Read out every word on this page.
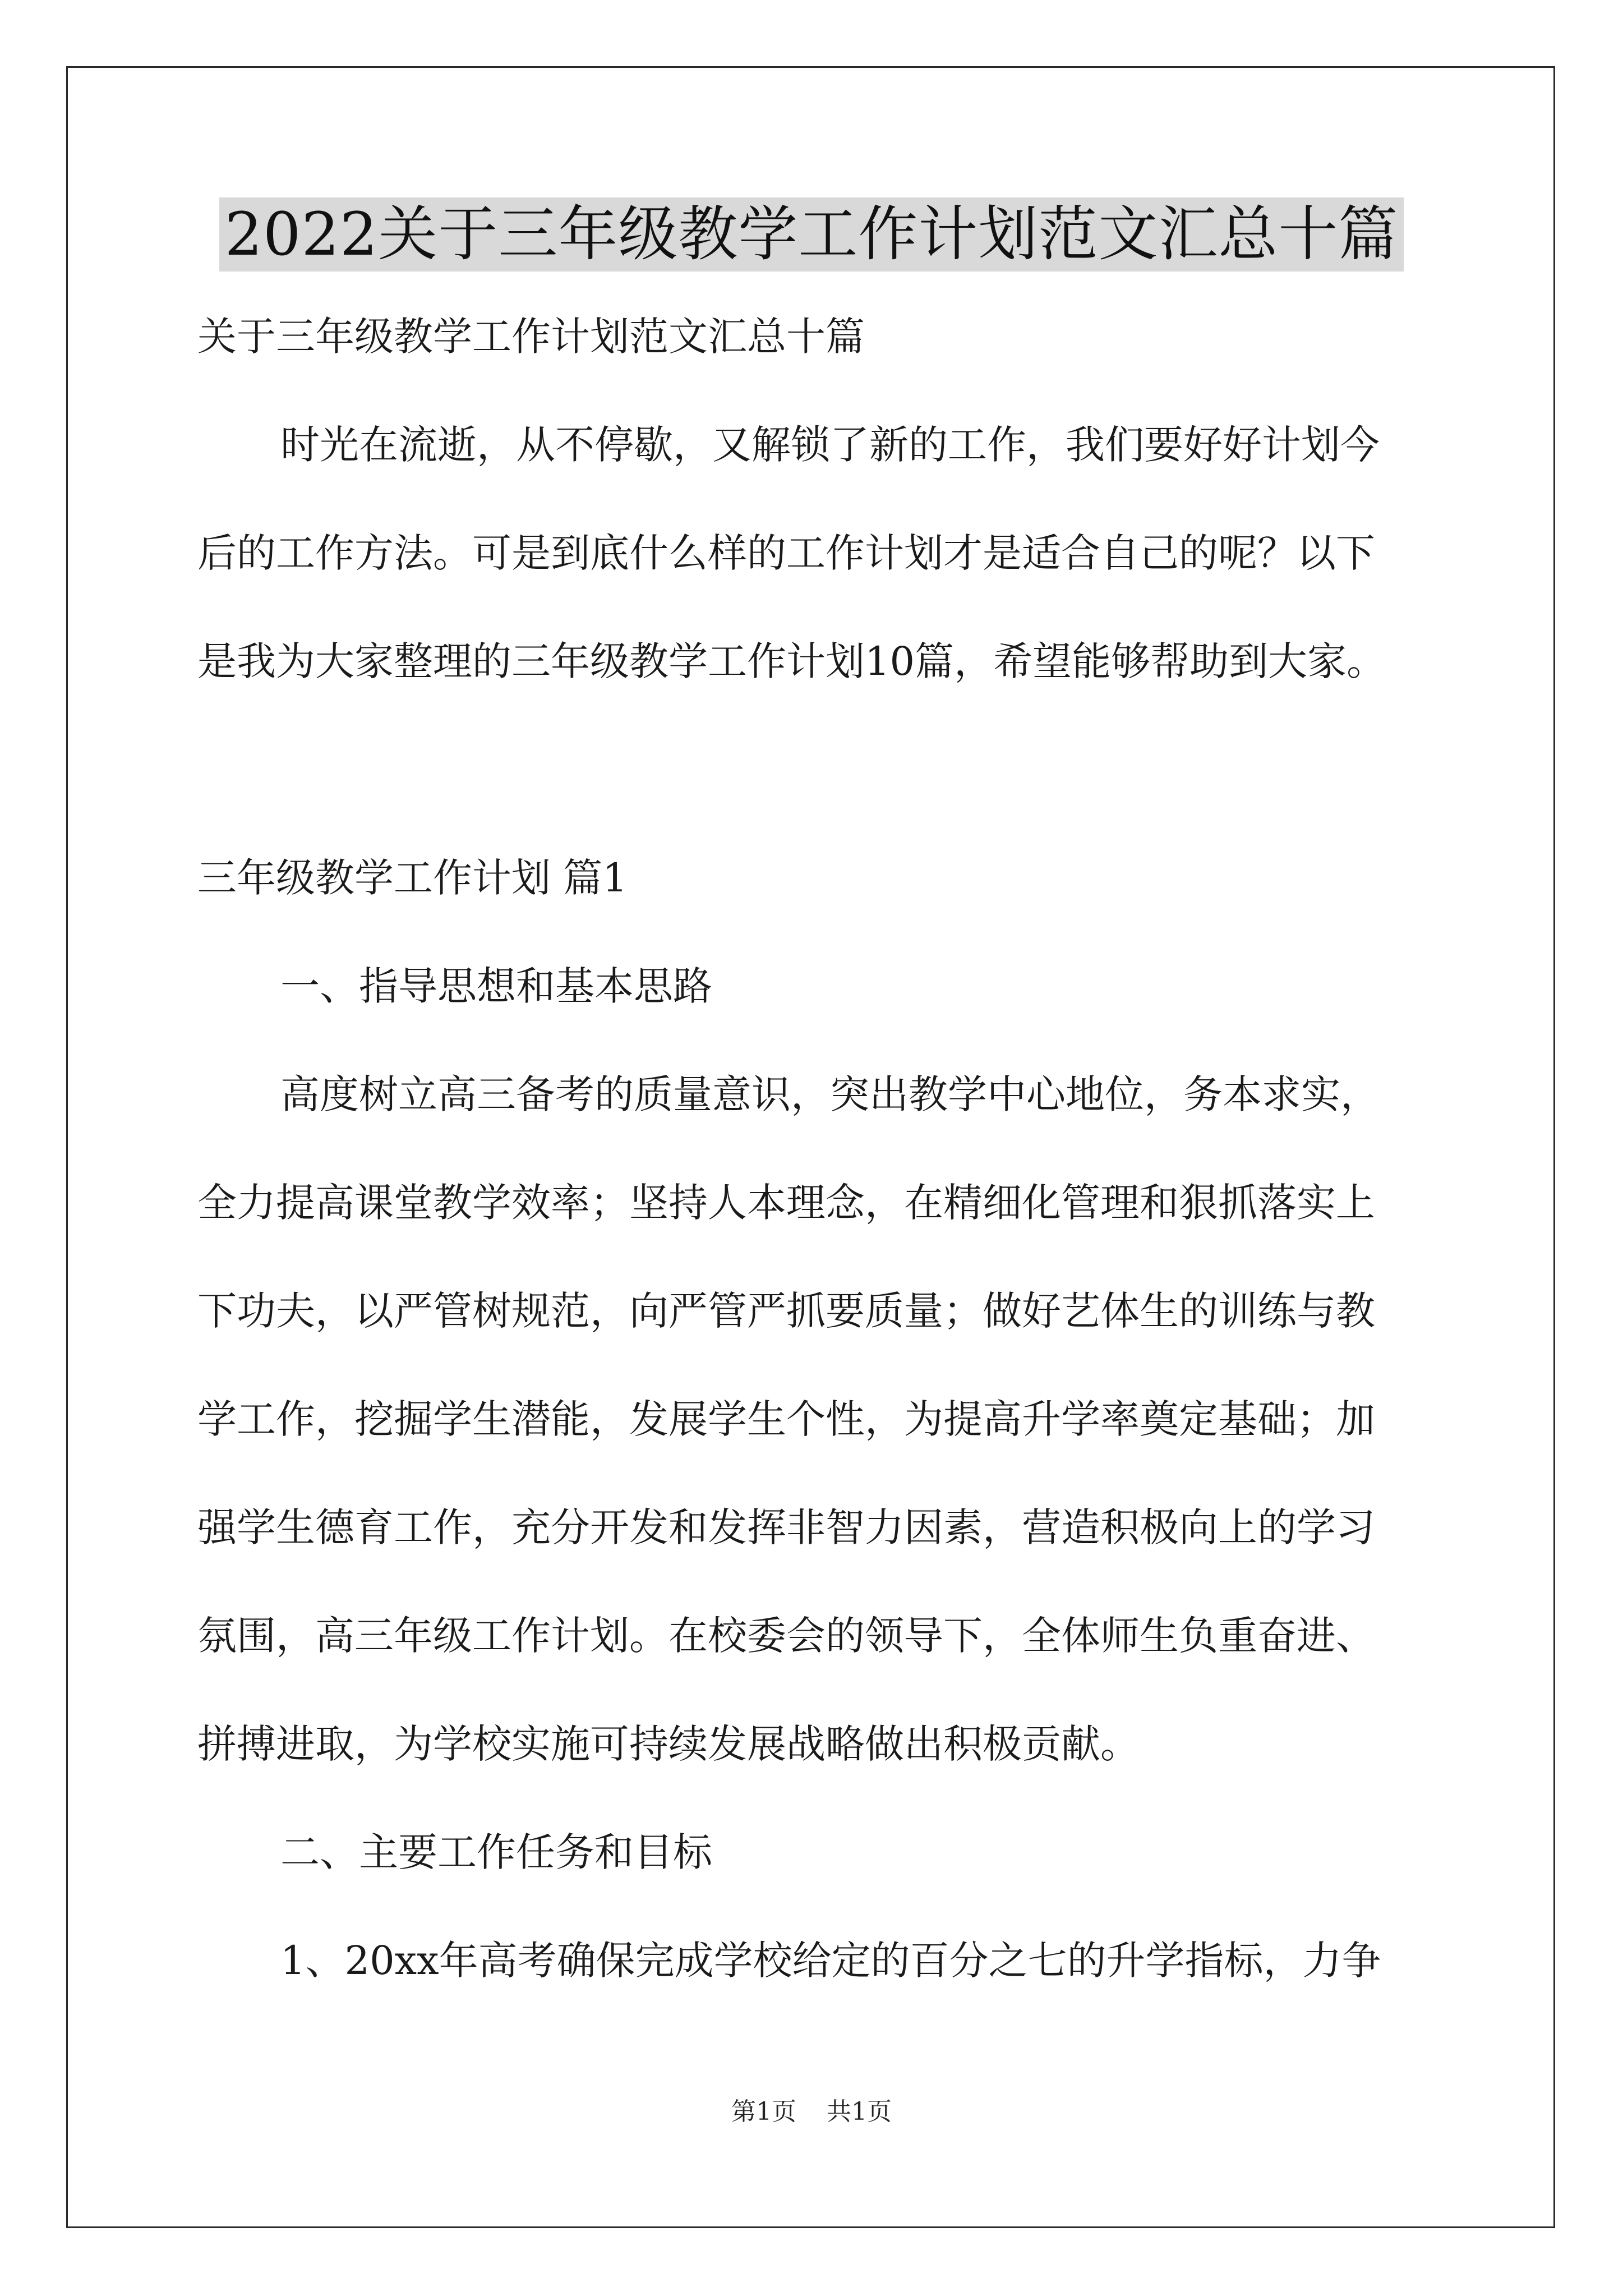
2022关于三年级教学工作计划范文汇总十篇

关于三年级教学工作计划范文汇总十篇

时光在流逝，从不停歇，又解锁了新的工作，我们要好好计划今

后的工作方法。可是到底什么样的工作计划才是适合自己的呢？以下

是我为大家整理的三年级教学工作计划10篇，希望能够帮助到大家。

三年级教学工作计划 篇1

一、指导思想和基本思路

高度树立高三备考的质量意识，突出教学中心地位，务本求实，

全力提高课堂教学效率；坚持人本理念，在精细化管理和狠抓落实上

下功夫，以严管树规范，向严管严抓要质量；做好艺体生的训练与教

学工作，挖掘学生潜能，发展学生个性，为提高升学率奠定基础；加

强学生德育工作，充分开发和发挥非智力因素，营造积极向上的学习

氛围，高三年级工作计划。在校委会的领导下，全体师生负重奋进、

拼搏进取，为学校实施可持续发展战略做出积极贡献。

二、主要工作任务和目标

1、20xx年高考确保完成学校给定的百分之七的升学指标，力争

第1页 共1页
